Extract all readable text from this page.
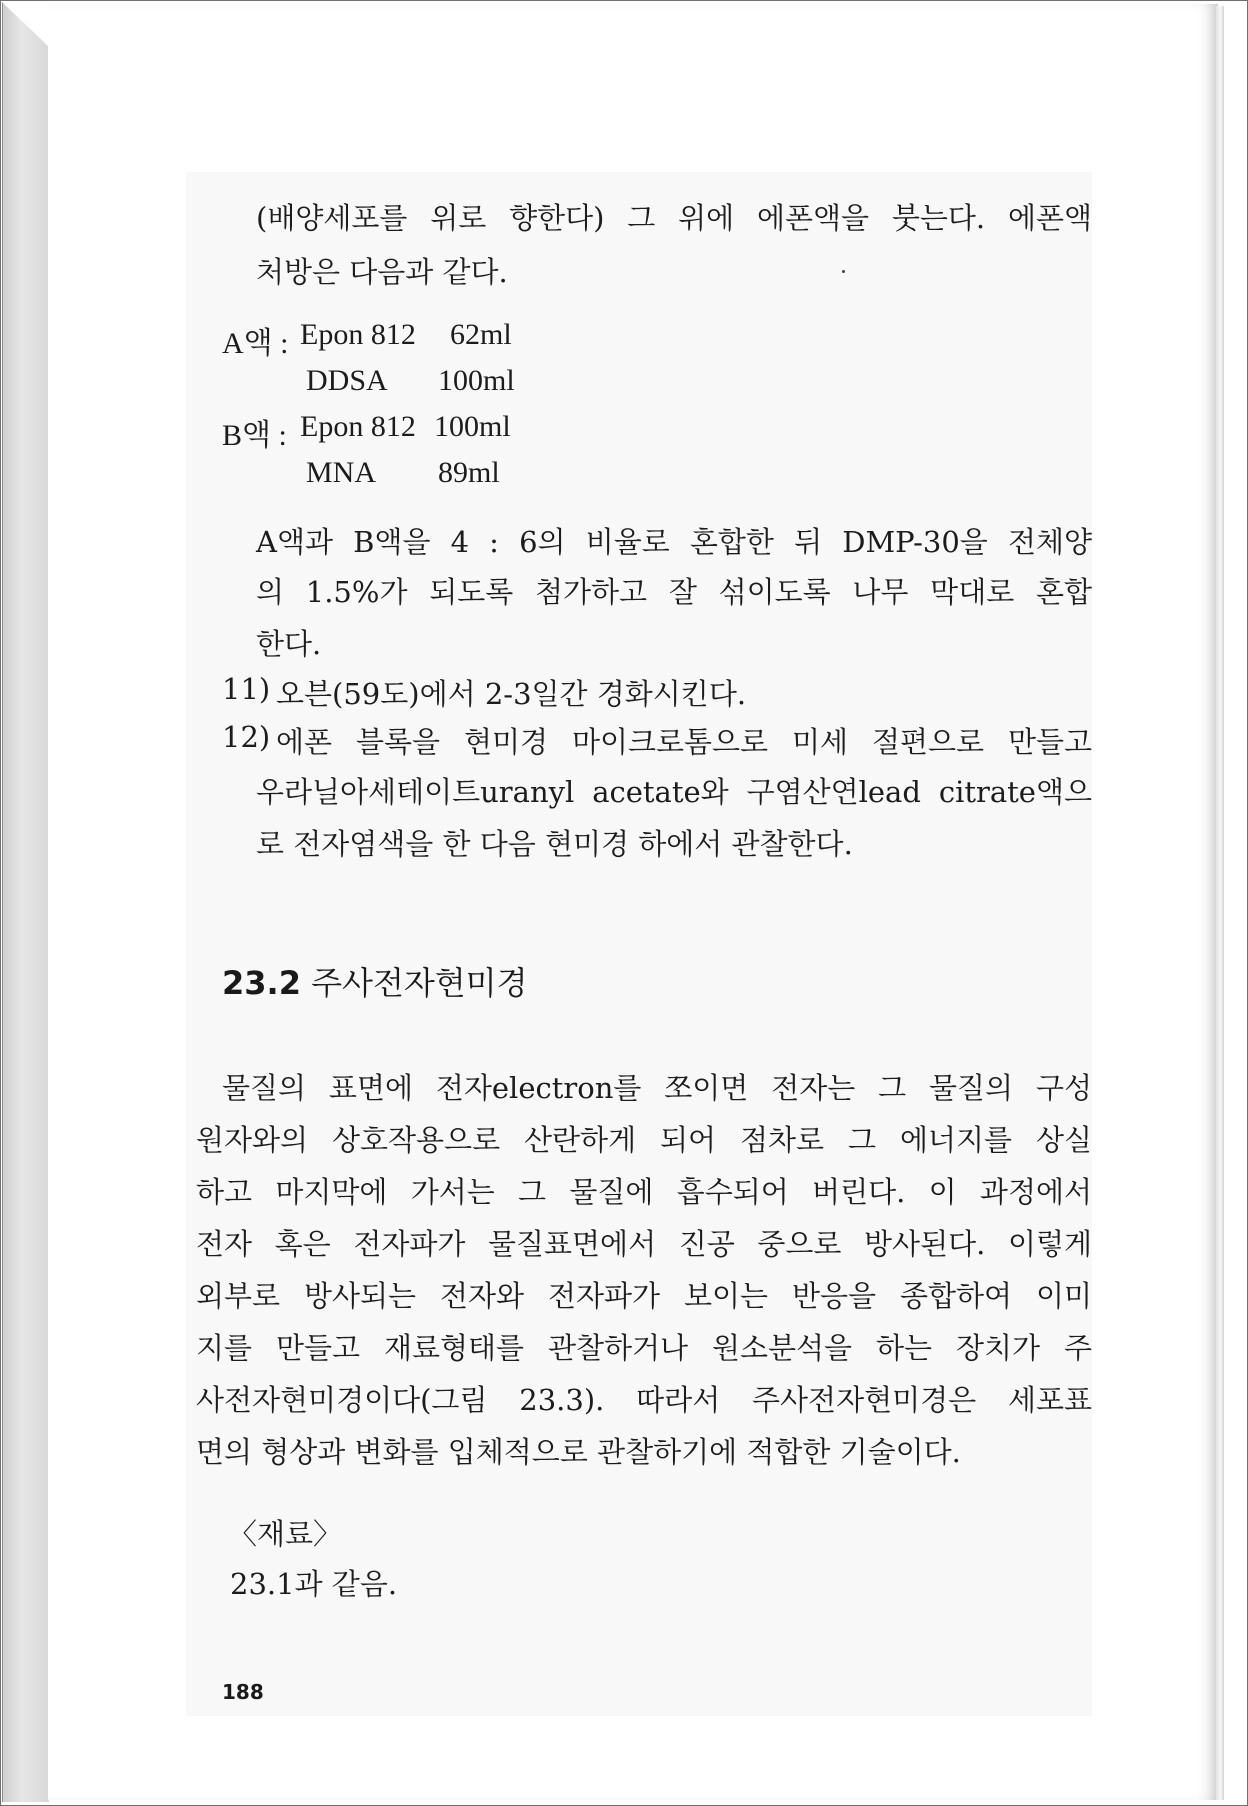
(배양세포를 위로 향한다) 그 위에 에폰액을 붓는다. 에폰액
처방은 다음과 같다.
A액 : Epon 812 62ml
DDSA 100ml
B액 : Epon 812 100ml
MNA 89ml
A액과 B액을 4 : 6의 비율로 혼합한 뒤 DMP-30을 전체양
의 1.5%가 되도록 첨가하고 잘 섞이도록 나무 막대로 혼합
한다.
11) 오븐(59도)에서 2-3일간 경화시킨다.
12) 에폰 블록을 현미경 마이크로톰으로 미세 절편으로 만들고
우라닐아세테이트uranyl acetate와 구염산연lead citrate액으
로 전자염색을 한 다음 현미경 하에서 관찰한다.
23.2 주사전자현미경
물질의 표면에 전자electron를 쪼이면 전자는 그 물질의 구성
원자와의 상호작용으로 산란하게 되어 점차로 그 에너지를 상실
하고 마지막에 가서는 그 물질에 흡수되어 버린다. 이 과정에서
전자 혹은 전자파가 물질표면에서 진공 중으로 방사된다. 이렇게
외부로 방사되는 전자와 전자파가 보이는 반응을 종합하여 이미
지를 만들고 재료형태를 관찰하거나 원소분석을 하는 장치가 주
사전자현미경이다(그림 23.3). 따라서 주사전자현미경은 세포표
면의 형상과 변화를 입체적으로 관찰하기에 적합한 기술이다.
〈재료〉
23.1과 같음.
188
